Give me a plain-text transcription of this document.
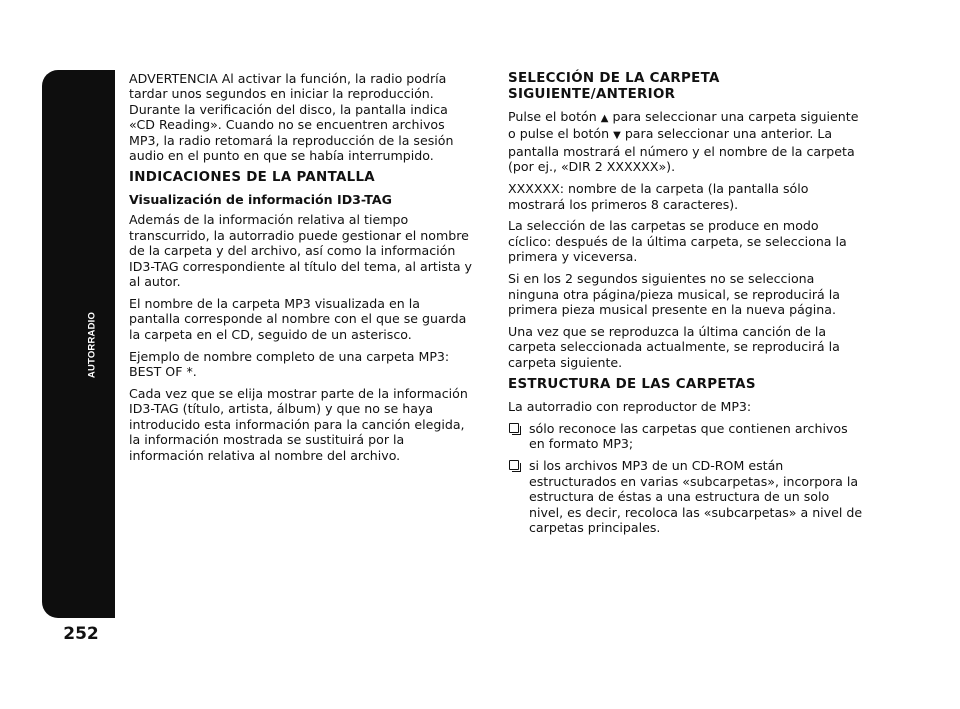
AUTORRADIO
252

ADVERTENCIA Al activar la función, la radio podría tardar unos segundos en iniciar la reproducción. Durante la verificación del disco, la pantalla indica «CD Reading». Cuando no se encuentren archivos MP3, la radio retomará la reproducción de la sesión audio en el punto en que se había interrumpido.

INDICACIONES DE LA PANTALLA
Visualización de información ID3-TAG

Además de la información relativa al tiempo transcurrido, la autorradio puede gestionar el nombre de la carpeta y del archivo, así como la información ID3-TAG correspondiente al título del tema, al artista y al autor.

El nombre de la carpeta MP3 visualizada en la pantalla corresponde al nombre con el que se guarda la carpeta en el CD, seguido de un asterisco.

Ejemplo de nombre completo de una carpeta MP3: BEST OF *.

Cada vez que se elija mostrar parte de la información ID3-TAG (título, artista, álbum) y que no se haya introducido esta información para la canción elegida, la información mostrada se sustituirá por la información relativa al nombre del archivo.

SELECCIÓN DE LA CARPETA SIGUIENTE/ANTERIOR

Pulse el botón ▲ para seleccionar una carpeta siguiente o pulse el botón ▼ para seleccionar una anterior. La pantalla mostrará el número y el nombre de la carpeta (por ej., «DIR 2 XXXXXX»).

XXXXXX: nombre de la carpeta (la pantalla sólo mostrará los primeros 8 caracteres).

La selección de las carpetas se produce en modo cíclico: después de la última carpeta, se selecciona la primera y viceversa.

Si en los 2 segundos siguientes no se selecciona ninguna otra página/pieza musical, se reproducirá la primera pieza musical presente en la nueva página.

Una vez que se reproduzca la última canción de la carpeta seleccionada actualmente, se reproducirá la carpeta siguiente.

ESTRUCTURA DE LAS CARPETAS

La autorradio con reproductor de MP3:

sólo reconoce las carpetas que contienen archivos en formato MP3;
si los archivos MP3 de un CD-ROM están estructurados en varias «subcarpetas», incorpora la estructura de éstas a una estructura de un solo nivel, es decir, recoloca las «subcarpetas» a nivel de carpetas principales.
